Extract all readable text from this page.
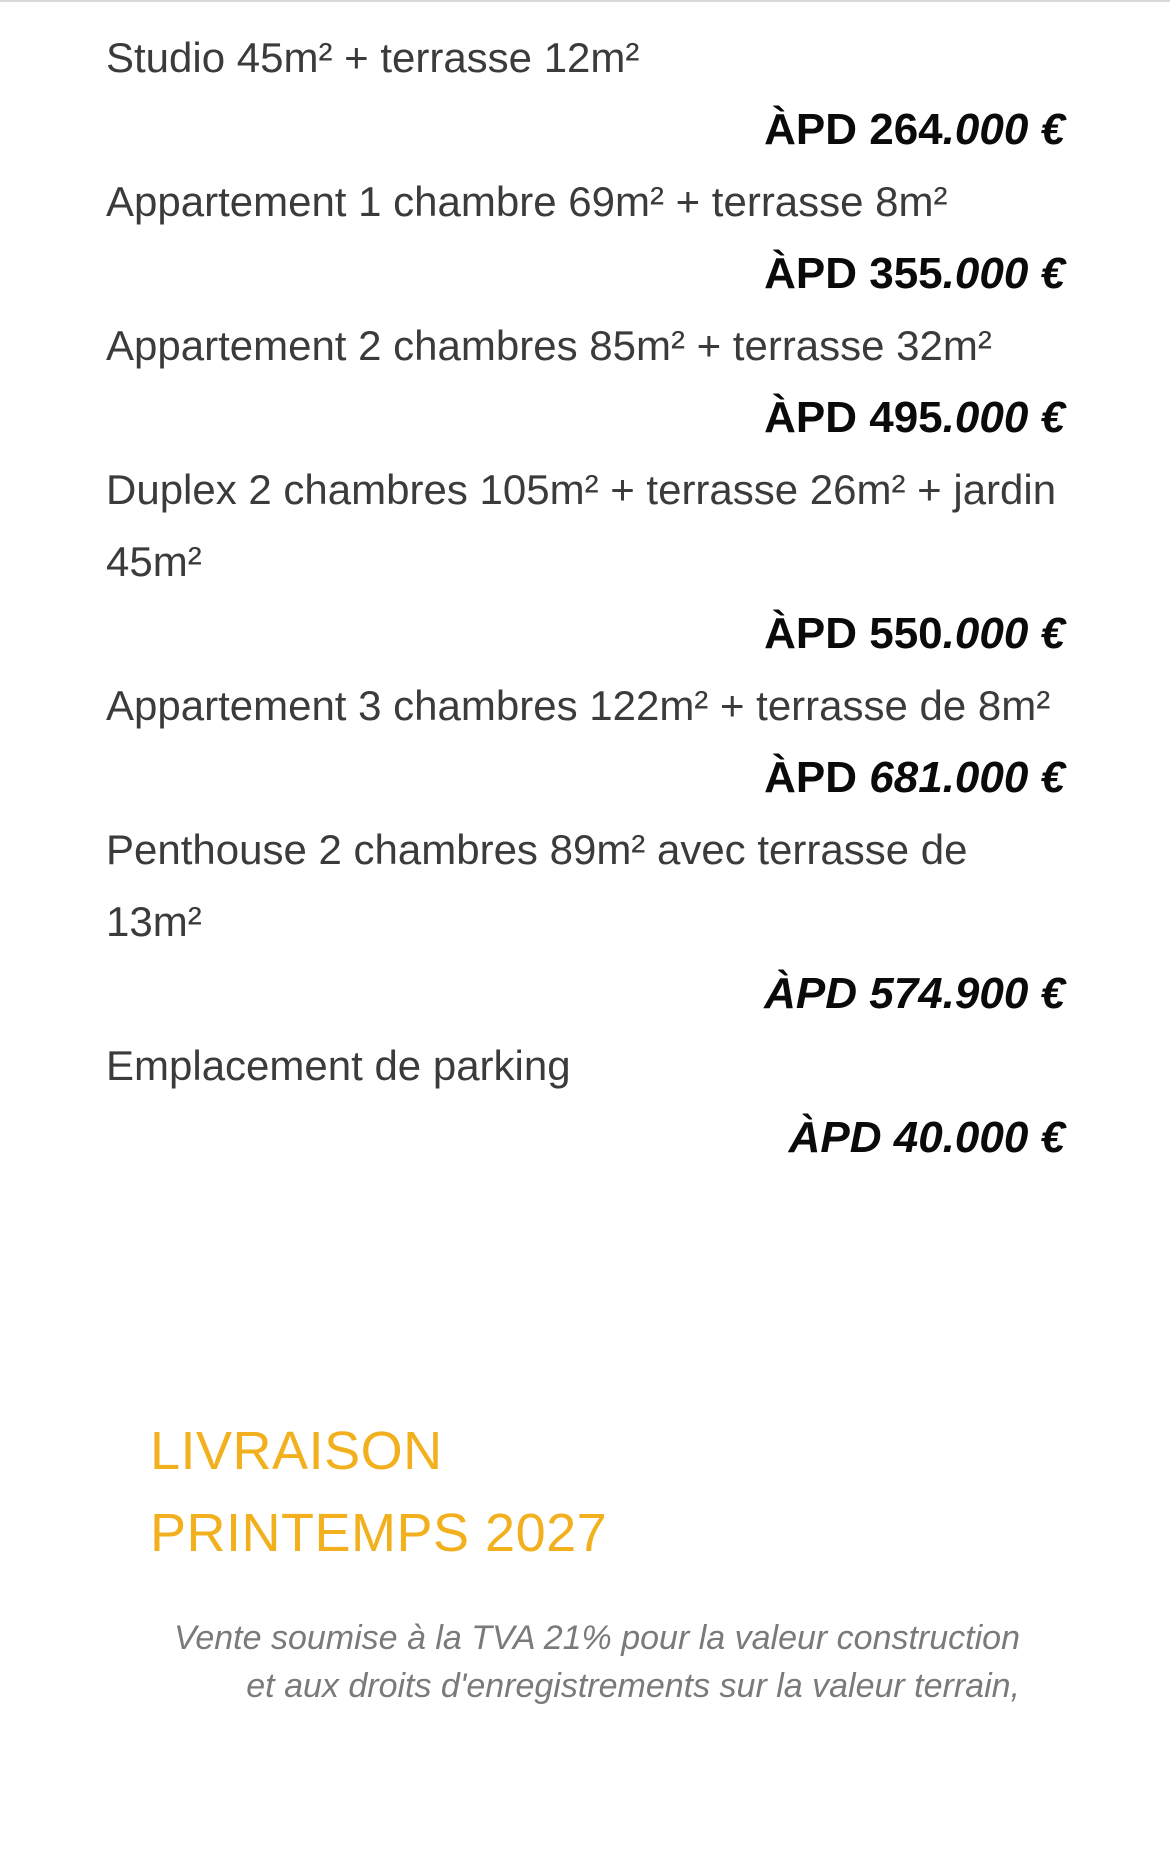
Studio 45m² + terrasse 12m²
ÀPD 264.000 €
Appartement 1 chambre 69m² + terrasse 8m²
ÀPD 355.000 €
Appartement 2 chambres 85m² + terrasse 32m²
ÀPD 495.000 €
Duplex 2 chambres 105m² + terrasse 26m² + jardin 45m²
ÀPD 550.000 €
Appartement 3 chambres 122m² + terrasse de 8m²
ÀPD 681.000 €
Penthouse 2 chambres 89m² avec terrasse de 13m²
ÀPD 574.900 €
Emplacement de parking
ÀPD 40.000 €
LIVRAISON
PRINTEMPS 2027
Vente soumise à la TVA 21% pour la valeur construction et aux droits d'enregistrements sur la valeur terrain,
